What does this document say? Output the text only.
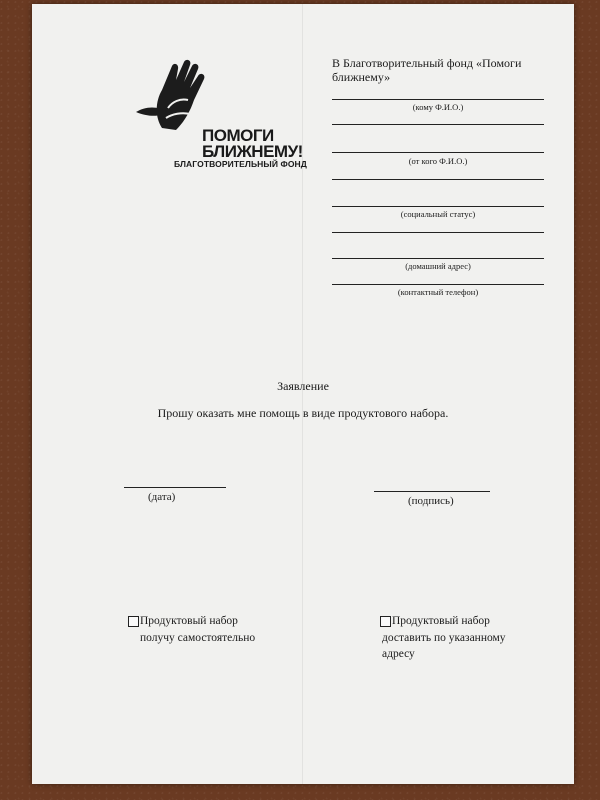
ПОМОГИ
БЛИЖНЕМУ!
БЛАГОТВОРИТЕЛЬНЫЙ ФОНД
В Благотворительный фонд «Помоги ближнему»
(кому Ф.И.О.)
(от кого Ф.И.О.)
(социальный статус)
(домашний адрес)
(контактный телефон)
Заявление
Прошу оказать мне помощь в виде продуктового набора.
(дата)	(подпись)
Продуктовый набор
получу самостоятельно
Продуктовый набор
доставить по указанному
адресу
